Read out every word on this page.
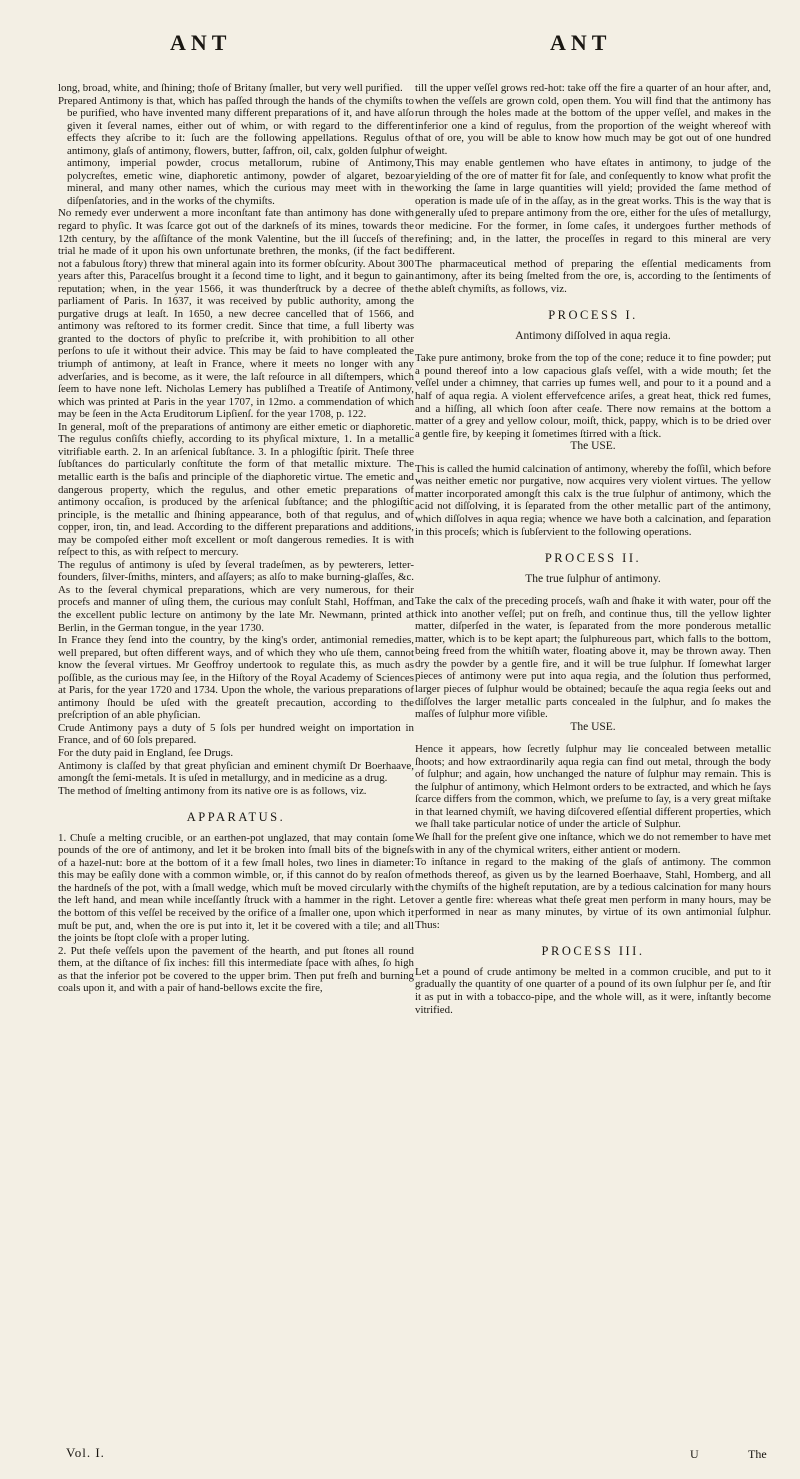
ANT	ANT

long, broad, white, and ſhining; thoſe of Britany ſmaller, but very well purified.

Prepared Antimony is that, which has paſſed through the hands of the chymiſts to be purified, who have invented many different preparations of it, and have alſo given it ſeveral names, either out of whim, or with regard to the different effects they aſcribe to it: ſuch are the following appellations. Regulus of antimony, glaſs of antimony, flowers, butter, ſaffron, oil, calx, golden ſulphur of antimony, imperial powder, crocus metallorum, rubine of Antimony, polycreſtes, emetic wine, diaphoretic antimony, powder of algaret, bezoar mineral, and many other names, which the curious may meet with in the diſpenſatories, and in the works of the chymiſts.

No remedy ever underwent a more inconſtant fate than antimony has done with regard to phyſic. It was ſcarce got out of the darkneſs of its mines, towards the 12th century, by the aſſiſtance of the monk Valentine, but the ill ſucceſs of the trial he made of it upon his own unfortunate brethren, the monks, (if the fact be not a fabulous ſtory) threw that mineral again into its former obſcurity. About 300 years after this, Paracelſus brought it a ſecond time to light, and it begun to gain reputation; when, in the year 1566, it was thunderſtruck by a decree of the parliament of Paris. In 1637, it was received by public authority, among the purgative drugs at leaſt. In 1650, a new decree cancelled that of 1566, and antimony was reſtored to its former credit. Since that time, a full liberty was granted to the doctors of phyſic to preſcribe it, with prohibition to all other perſons to uſe it without their advice. This may be ſaid to have compleated the triumph of antimony, at leaſt in France, where it meets no longer with any adverſaries, and is become, as it were, the laſt reſource in all diſtempers, which ſeem to have none left. Nicholas Lemery has publiſhed a Treatiſe of Antimony, which was printed at Paris in the year 1707, in 12mo. a commendation of which may be ſeen in the Acta Eruditorum Lipſienſ. for the year 1708, p. 122.

In general, moſt of the preparations of antimony are either emetic or diaphoretic. The regulus conſiſts chiefly, according to its phyſical mixture, 1. In a metallic vitrifiable earth. 2. In an arſenical ſubſtance. 3. In a phlogiſtic ſpirit. Theſe three ſubſtances do particularly conſtitute the form of that metallic mixture. The metallic earth is the baſis and principle of the diaphoretic virtue. The emetic and dangerous property, which the regulus, and other emetic preparations of antimony occaſion, is produced by the arſenical ſubſtance; and the phlogiſtic principle, is the metallic and ſhining appearance, both of that regulus, and of copper, iron, tin, and lead. According to the different preparations and additions, may be compoſed either moſt excellent or moſt dangerous remedies. It is with reſpect to this, as with reſpect to mercury.

The regulus of antimony is uſed by ſeveral tradeſmen, as by pewterers, letter-founders, ſilver-ſmiths, minters, and aſſayers; as alſo to make burning-glaſſes, &c. As to the ſeveral chymical preparations, which are very numerous, for their procefs and manner of uſing them, the curious may conſult Stahl, Hoffman, and the excellent public lecture on antimony by the late Mr. Newmann, printed at Berlin, in the German tongue, in the year 1730.

In France they ſend into the country, by the king's order, antimonial remedies, well prepared, but often different ways, and of which they who uſe them, cannot know the ſeveral virtues. Mr Geoffroy undertook to regulate this, as much as poſſible, as the curious may ſee, in the Hiſtory of the Royal Academy of Sciences at Paris, for the year 1720 and 1734. Upon the whole, the various preparations of antimony ſhould be uſed with the greateſt precaution, according to the preſcription of an able phyſician.

Crude Antimony pays a duty of 5 ſols per hundred weight on importation in France, and of 60 ſols prepared.

For the duty paid in England, ſee Drugs.

Antimony is claſſed by that great phyſician and eminent chymiſt Dr Boerhaave, amongſt the ſemi-metals. It is uſed in metallurgy, and in medicine as a drug.

The method of ſmelting antimony from its native ore is as follows, viz.

APPARATUS.

1. Chuſe a melting crucible, or an earthen-pot unglazed, that may contain ſome pounds of the ore of antimony, and let it be broken into ſmall bits of the bigneſs of a hazel-nut: bore at the bottom of it a few ſmall holes, two lines in diameter: this may be eaſily done with a common wimble, or, if this cannot do by reaſon of the hardneſs of the pot, with a ſmall wedge, which muſt be moved circularly with the left hand, and mean while inceſſantly ſtruck with a hammer in the right. Let the bottom of this veſſel be received by the orifice of a ſmaller one, upon which it muſt be put, and, when the ore is put into it, let it be covered with a tile; and all the joints be ſtopt cloſe with a proper luting.

2. Put theſe veſſels upon the pavement of the hearth, and put ſtones all round them, at the diſtance of ſix inches: fill this intermediate ſpace with aſhes, ſo high as that the inferior pot be covered to the upper brim. Then put freſh and burning coals upon it, and with a pair of hand-bellows excite the fire,

till the upper veſſel grows red-hot: take off the fire a quarter of an hour after, and, when the veſſels are grown cold, open them. You will find that the antimony has run through the holes made at the bottom of the upper veſſel, and makes in the inferior one a kind of regulus, from the proportion of the weight whereof with that of ore, you will be able to know how much may be got out of one hundred weight.

This may enable gentlemen who have eſtates in antimony, to judge of the yielding of the ore of matter fit for ſale, and conſequently to know what profit the working the ſame in large quantities will yield; provided the ſame method of operation is made uſe of in the aſſay, as in the great works. This is the way that is generally uſed to prepare antimony from the ore, either for the uſes of metallurgy, or medicine. For the former, in ſome caſes, it undergoes further methods of refining; and, in the latter, the proceſſes in regard to this mineral are very different.

The pharmaceutical method of preparing the eſſential medicaments from antimony, after its being ſmelted from the ore, is, according to the ſentiments of the ableſt chymiſts, as follows, viz.

PROCESS I.
Antimony diſſolved in aqua regia.

Take pure antimony, broke from the top of the cone; reduce it to fine powder; put a pound thereof into a low capacious glaſs veſſel, with a wide mouth; ſet the veſſel under a chimney, that carries up fumes well, and pour to it a pound and a half of aqua regia. A violent effervefcence ariſes, a great heat, thick red fumes, and a hiſſing, all which ſoon after ceaſe. There now remains at the bottom a matter of a grey and yellow colour, moiſt, thick, pappy, which is to be dried over a gentle fire, by keeping it ſometimes ſtirred with a ſtick.

The USE.

This is called the humid calcination of antimony, whereby the foſſil, which before was neither emetic nor purgative, now acquires very violent virtues. The yellow matter incorporated amongſt this calx is the true ſulphur of antimony, which the acid not diſſolving, it is ſeparated from the other metallic part of the antimony, which diſſolves in aqua regia; whence we have both a calcination, and ſeparation in this proceſs; which is ſubſervient to the following operations.

PROCESS II.
The true ſulphur of antimony.

Take the calx of the preceding proceſs, waſh and ſhake it with water, pour off the thick into another veſſel; put on freſh, and continue thus, till the yellow lighter matter, diſperſed in the water, is ſeparated from the more ponderous metallic matter, which is to be kept apart; the ſulphureous part, which falls to the bottom, being freed from the whitiſh water, floating above it, may be thrown away. Then dry the powder by a gentle fire, and it will be true ſulphur. If ſomewhat larger pieces of antimony were put into aqua regia, and the ſolution thus performed, larger pieces of ſulphur would be obtained; becauſe the aqua regia ſeeks out and diſſolves the larger metallic parts concealed in the ſulphur, and ſo makes the maſſes of ſulphur more viſible.

The USE.

Hence it appears, how ſecretly ſulphur may lie concealed between metallic ſhoots; and how extraordinarily aqua regia can find out metal, through the body of ſulphur; and again, how unchanged the nature of ſulphur may remain. This is the ſulphur of antimony, which Helmont orders to be extracted, and which he ſays ſcarce differs from the common, which, we preſume to ſay, is a very great miſtake in that learned chymiſt, we having diſcovered eſſential different properties, which we ſhall take particular notice of under the article of Sulphur.

We ſhall for the preſent give one inſtance, which we do not remember to have met with in any of the chymical writers, either antient or modern.

To inſtance in regard to the making of the glaſs of antimony. The common methods thereof, as given us by the learned Boerhaave, Stahl, Homberg, and all the chymiſts of the higheſt reputation, are by a tedious calcination for many hours over a gentle fire: whereas what theſe great men perform in many hours, may be performed in near as many minutes, by virtue of its own antimonial ſulphur. Thus:

PROCESS III.

Let a pound of crude antimony be melted in a common crucible, and put to it gradually the quantity of one quarter of a pound of its own ſulphur per ſe, and ſtir it as put in with a tobacco-pipe, and the whole will, as it were, inſtantly become vitrified.

Vol. I.	U	The
